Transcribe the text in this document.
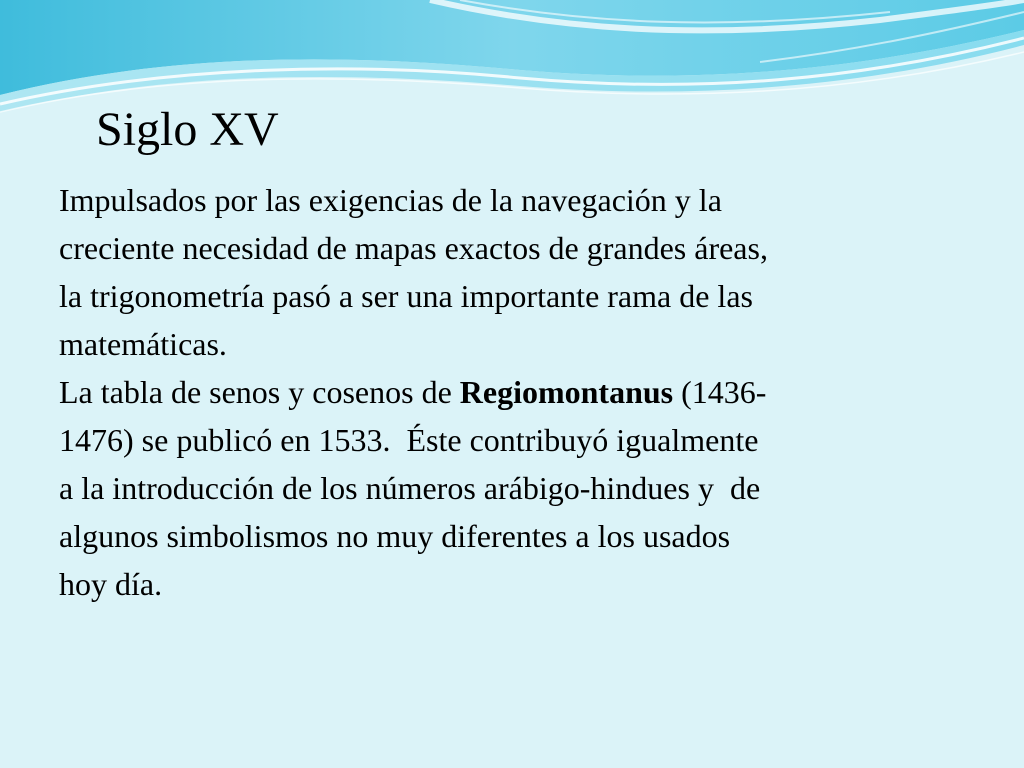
Siglo XV
Impulsados por las exigencias de la navegación y la
creciente necesidad de mapas exactos de grandes áreas,
la trigonometría pasó a ser una importante rama de las
matemáticas.
La tabla de senos y cosenos de Regiomontanus (1436-
1476) se publicó en 1533.  Éste contribuyó igualmente
a la introducción de los números arábigo-hindues y  de
algunos simbolismos no muy diferentes a los usados
hoy día.
